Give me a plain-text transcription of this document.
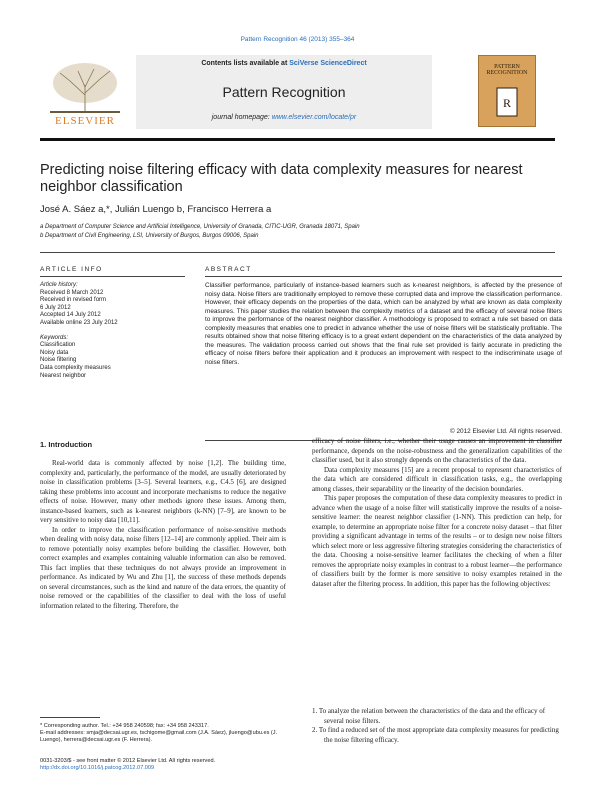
Pattern Recognition 46 (2013) 355–364
ELSEVIER
Contents lists available at SciVerse ScienceDirect
Pattern Recognition
journal homepage: www.elsevier.com/locate/pr
PATTERN RECOGNITION
R
Predicting noise filtering efficacy with data complexity measures for nearest neighbor classification
José A. Sáez a,*, Julián Luengo b, Francisco Herrera a
a Department of Computer Science and Artificial Intelligence, University of Granada, CITIC-UGR, Granada 18071, Spain
b Department of Civil Engineering, LSI, University of Burgos, Burgos 09006, Spain
ARTICLE INFO
Article history:
Received 8 March 2012
Received in revised form
6 July 2012
Accepted 14 July 2012
Available online 23 July 2012
Keywords:
Classification
Noisy data
Noise filtering
Data complexity measures
Nearest neighbor
ABSTRACT
Classifier performance, particularly of instance-based learners such as k-nearest neighbors, is affected by the presence of noisy data. Noise filters are traditionally employed to remove these corrupted data and improve the classification performance. However, their efficacy depends on the properties of the data, which can be analyzed by what are known as data complexity measures. This paper studies the relation between the complexity metrics of a dataset and the efficacy of several noise filters to improve the performance of the nearest neighbor classifier. A methodology is proposed to extract a rule set based on data complexity measures that enables one to predict in advance whether the use of noise filters will be statistically profitable. The results obtained show that noise filtering efficacy is to a great extent dependent on the characteristics of the data analyzed by the measures. The validation process carried out shows that the final rule set provided is fairly accurate in predicting the efficacy of noise filters before their application and it produces an improvement with respect to the indiscriminate usage of noise filters.
© 2012 Elsevier Ltd. All rights reserved.
1. Introduction

Real-world data is commonly affected by noise [1,2]. The building time, complexity and, particularly, the performance of the model, are usually deteriorated by noise in classification problems [3–5]. Several learners, e.g., C4.5 [6], are designed taking these problems into account and incorporate mechanisms to reduce the negative effects of noise. However, many other methods ignore these issues. Among them, instance-based learners, such as k-nearest neighbors (k-NN) [7–9], are known to be very sensitive to noisy data [10,11].

In order to improve the classification performance of noise-sensitive methods when dealing with noisy data, noise filters [12–14] are commonly applied. Their aim is to remove potentially noisy examples before building the classifier. However, both correct examples and examples containing valuable information can also be removed. This fact implies that these techniques do not always provide an improvement in performance. As indicated by Wu and Zhu [1], the success of these methods depends on several circumstances, such as the kind and nature of the data errors, the quantity of noise removed or the capabilities of the classifier to deal with the loss of useful information related to the filtering. Therefore, the

efficacy of noise filters, i.e., whether their usage causes an improvement in classifier performance, depends on the noise-robustness and the generalization capabilities of the classifier used, but it also strongly depends on the characteristics of the data.

Data complexity measures [15] are a recent proposal to represent characteristics of the data which are considered difficult in classification tasks, e.g., the overlapping among classes, their separability or the linearity of the decision boundaries.

This paper proposes the computation of these data complexity measures to predict in advance when the usage of a noise filter will statistically improve the results of a noise-sensitive learner: the nearest neighbor classifier (1-NN). This prediction can help, for example, to determine an appropriate noise filter for a concrete noisy dataset – that filter providing a significant advantage in terms of the results – or to design new noise filters which select more or less aggressive filtering strategies considering the characteristics of the data. Choosing a noise-sensitive learner facilitates the checking of when a filter removes the appropriate noisy examples in contrast to a robust learner—the performance of classifiers built by the former is more sensitive to noisy examples retained in the dataset after the filtering process. In addition, this paper has the following objectives:

1. To analyze the relation between the characteristics of the data and the efficacy of several noise filters.
2. To find a reduced set of the most appropriate data complexity measures for predicting the noise filtering efficacy.
* Corresponding author. Tel.: +34 958 240598; fax: +34 958 243317.
E-mail addresses: smja@decsai.ugr.es, tschigome@gmail.com (J.A. Sáez), jluengo@ubu.es (J. Luengo), herrera@decsai.ugr.es (F. Herrera).
0031-3203/$ - see front matter © 2012 Elsevier Ltd. All rights reserved.
http://dx.doi.org/10.1016/j.patcog.2012.07.009
